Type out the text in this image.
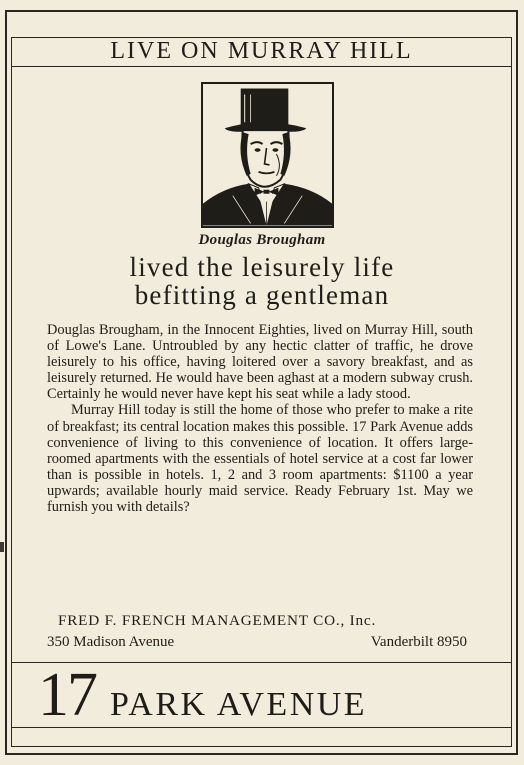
LIVE ON MURRAY HILL
Douglas Brougham
lived the leisurely life
befitting a gentleman

Douglas Brougham, in the Innocent Eighties, lived on Murray Hill, south of Lowe's Lane. Untroubled by any hectic clatter of traffic, he drove leisurely to his office, having loitered over a savory breakfast, and as leisurely returned. He would have been aghast at a modern subway crush. Certainly he would never have kept his seat while a lady stood.

Murray Hill today is still the home of those who prefer to make a rite of breakfast; its central location makes this possible. 17 Park Avenue adds convenience of living to this convenience of location. It offers large-roomed apartments with the essentials of hotel service at a cost far lower than is possible in hotels. 1, 2 and 3 room apartments: $1100 a year upwards; available hourly maid service. Ready February 1st. May we furnish you with details?

FRED F. FRENCH MANAGEMENT CO., Inc.
350 Madison Avenue	Vanderbilt 8950
17 PARK AVENUE
